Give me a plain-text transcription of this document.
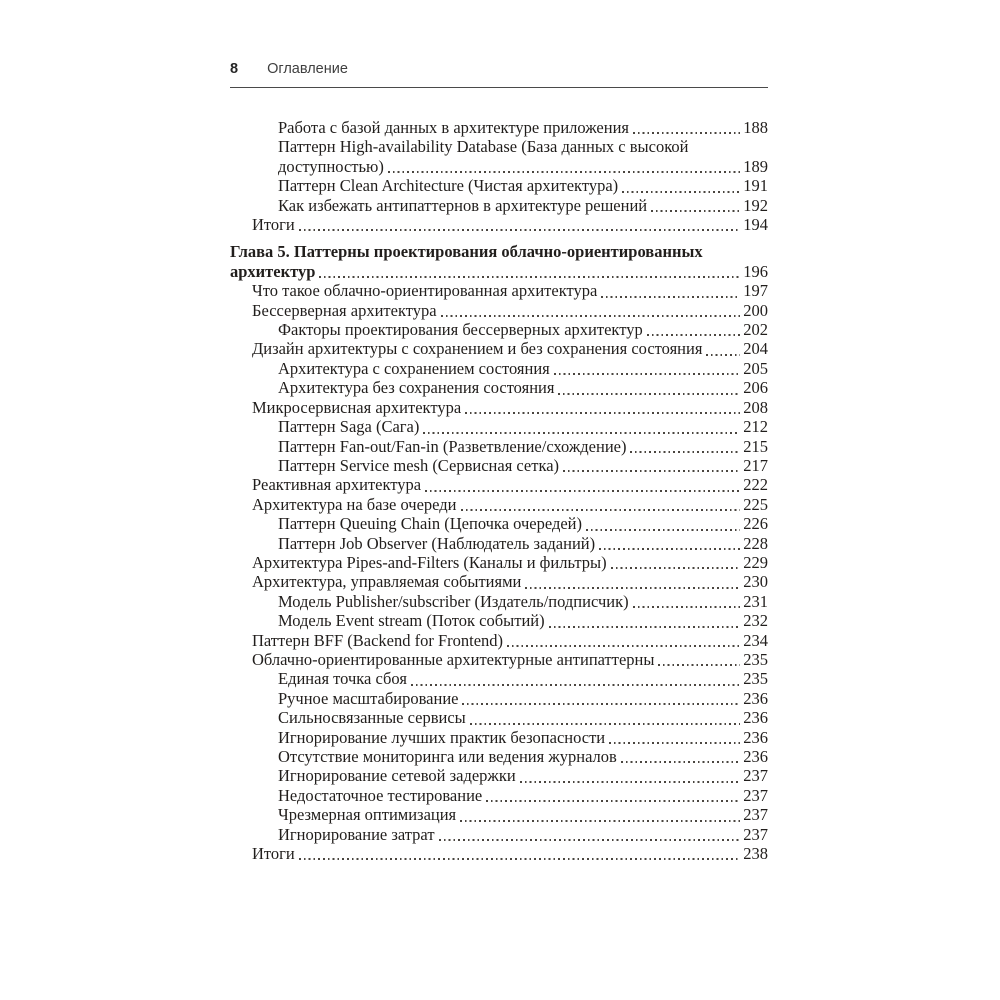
8 Оглавление
Работа с базой данных в архитектуре приложения	188
Паттерн High-availability Database (База данных с высокой
доступностью)	189
Паттерн Clean Architecture (Чистая архитектура)	191
Как избежать антипаттернов в архитектуре решений	192
Итоги	194
Глава 5. Паттерны проектирования облачно-ориентированных
архитектур	196
Что такое облачно-ориентированная архитектура	197
Бессерверная архитектура	200
Факторы проектирования бессерверных архитектур	202
Дизайн архитектуры с сохранением и без сохранения состояния 204
Архитектура с сохранением состояния	205
Архитектура без сохранения состояния	206
Микросервисная архитектура	208
Паттерн Saga (Сага)	212
Паттерн Fan-out/Fan-in (Разветвление/схождение)	215
Паттерн Service mesh (Сервисная сетка)	217
Реактивная архитектура	222
Архитектура на базе очереди	225
Паттерн Queuing Chain (Цепочка очередей)	226
Паттерн Job Observer (Наблюдатель заданий)	228
Архитектура Pipes-and-Filters (Каналы и фильтры)	229
Архитектура, управляемая событиями	230
Модель Publisher/subscriber (Издатель/подписчик)	231
Модель Event stream (Поток событий)	232
Паттерн BFF (Backend for Frontend)	234
Облачно-ориентированные архитектурные антипаттерны	235
Единая точка сбоя	235
Ручное масштабирование	236
Сильносвязанные сервисы	236
Игнорирование лучших практик безопасности	236
Отсутствие мониторинга или ведения журналов	236
Игнорирование сетевой задержки	237
Недостаточное тестирование	237
Чрезмерная оптимизация	237
Игнорирование затрат	237
Итоги	238
